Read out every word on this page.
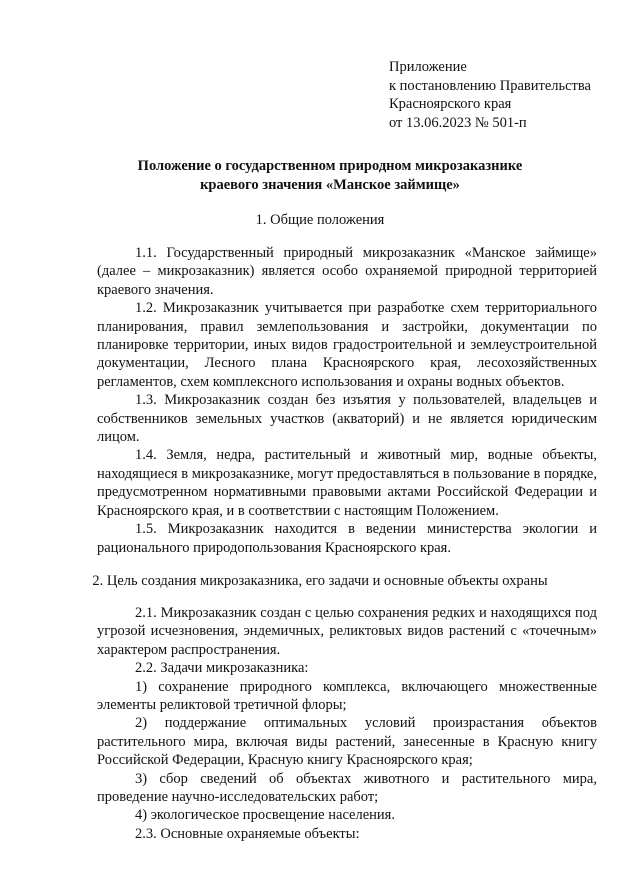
Приложение
к постановлению Правительства
Красноярского края
от 13.06.2023 № 501-п
Положение о государственном природном микрозаказнике
краевого значения «Манское займище»
1. Общие положения

1.1. Государственный природный микрозаказник «Манское займище» (далее – микрозаказник) является особо охраняемой природной территорией краевого значения.

1.2. Микрозаказник учитывается при разработке схем территориального планирования, правил землепользования и застройки, документации по планировке территории, иных видов градостроительной и землеустроительной документации, Лесного плана Красноярского края, лесохозяйственных регламентов, схем комплексного использования и охраны водных объектов.

1.3. Микрозаказник создан без изъятия у пользователей, владельцев и собственников земельных участков (акваторий) и не является юридическим лицом.

1.4. Земля, недра, растительный и животный мир, водные объекты, находящиеся в микрозаказнике, могут предоставляться в пользование в порядке, предусмотренном нормативными правовыми актами Российской Федерации и Красноярского края, и в соответствии с настоящим Положением.

1.5. Микрозаказник находится в ведении министерства экологии и рационального природопользования Красноярского края.

2. Цель создания микрозаказника, его задачи и основные объекты охраны

2.1. Микрозаказник создан с целью сохранения редких и находящихся под угрозой исчезновения, эндемичных, реликтовых видов растений с «точечным» характером распространения.

2.2. Задачи микрозаказника:

1) сохранение природного комплекса, включающего множественные элементы реликтовой третичной флоры;

2) поддержание оптимальных условий произрастания объектов растительного мира, включая виды растений, занесенные в Красную книгу Российской Федерации, Красную книгу Красноярского края;

3) сбор сведений об объектах животного и растительного мира, проведение научно-исследовательских работ;

4) экологическое просвещение населения.

2.3. Основные охраняемые объекты:
